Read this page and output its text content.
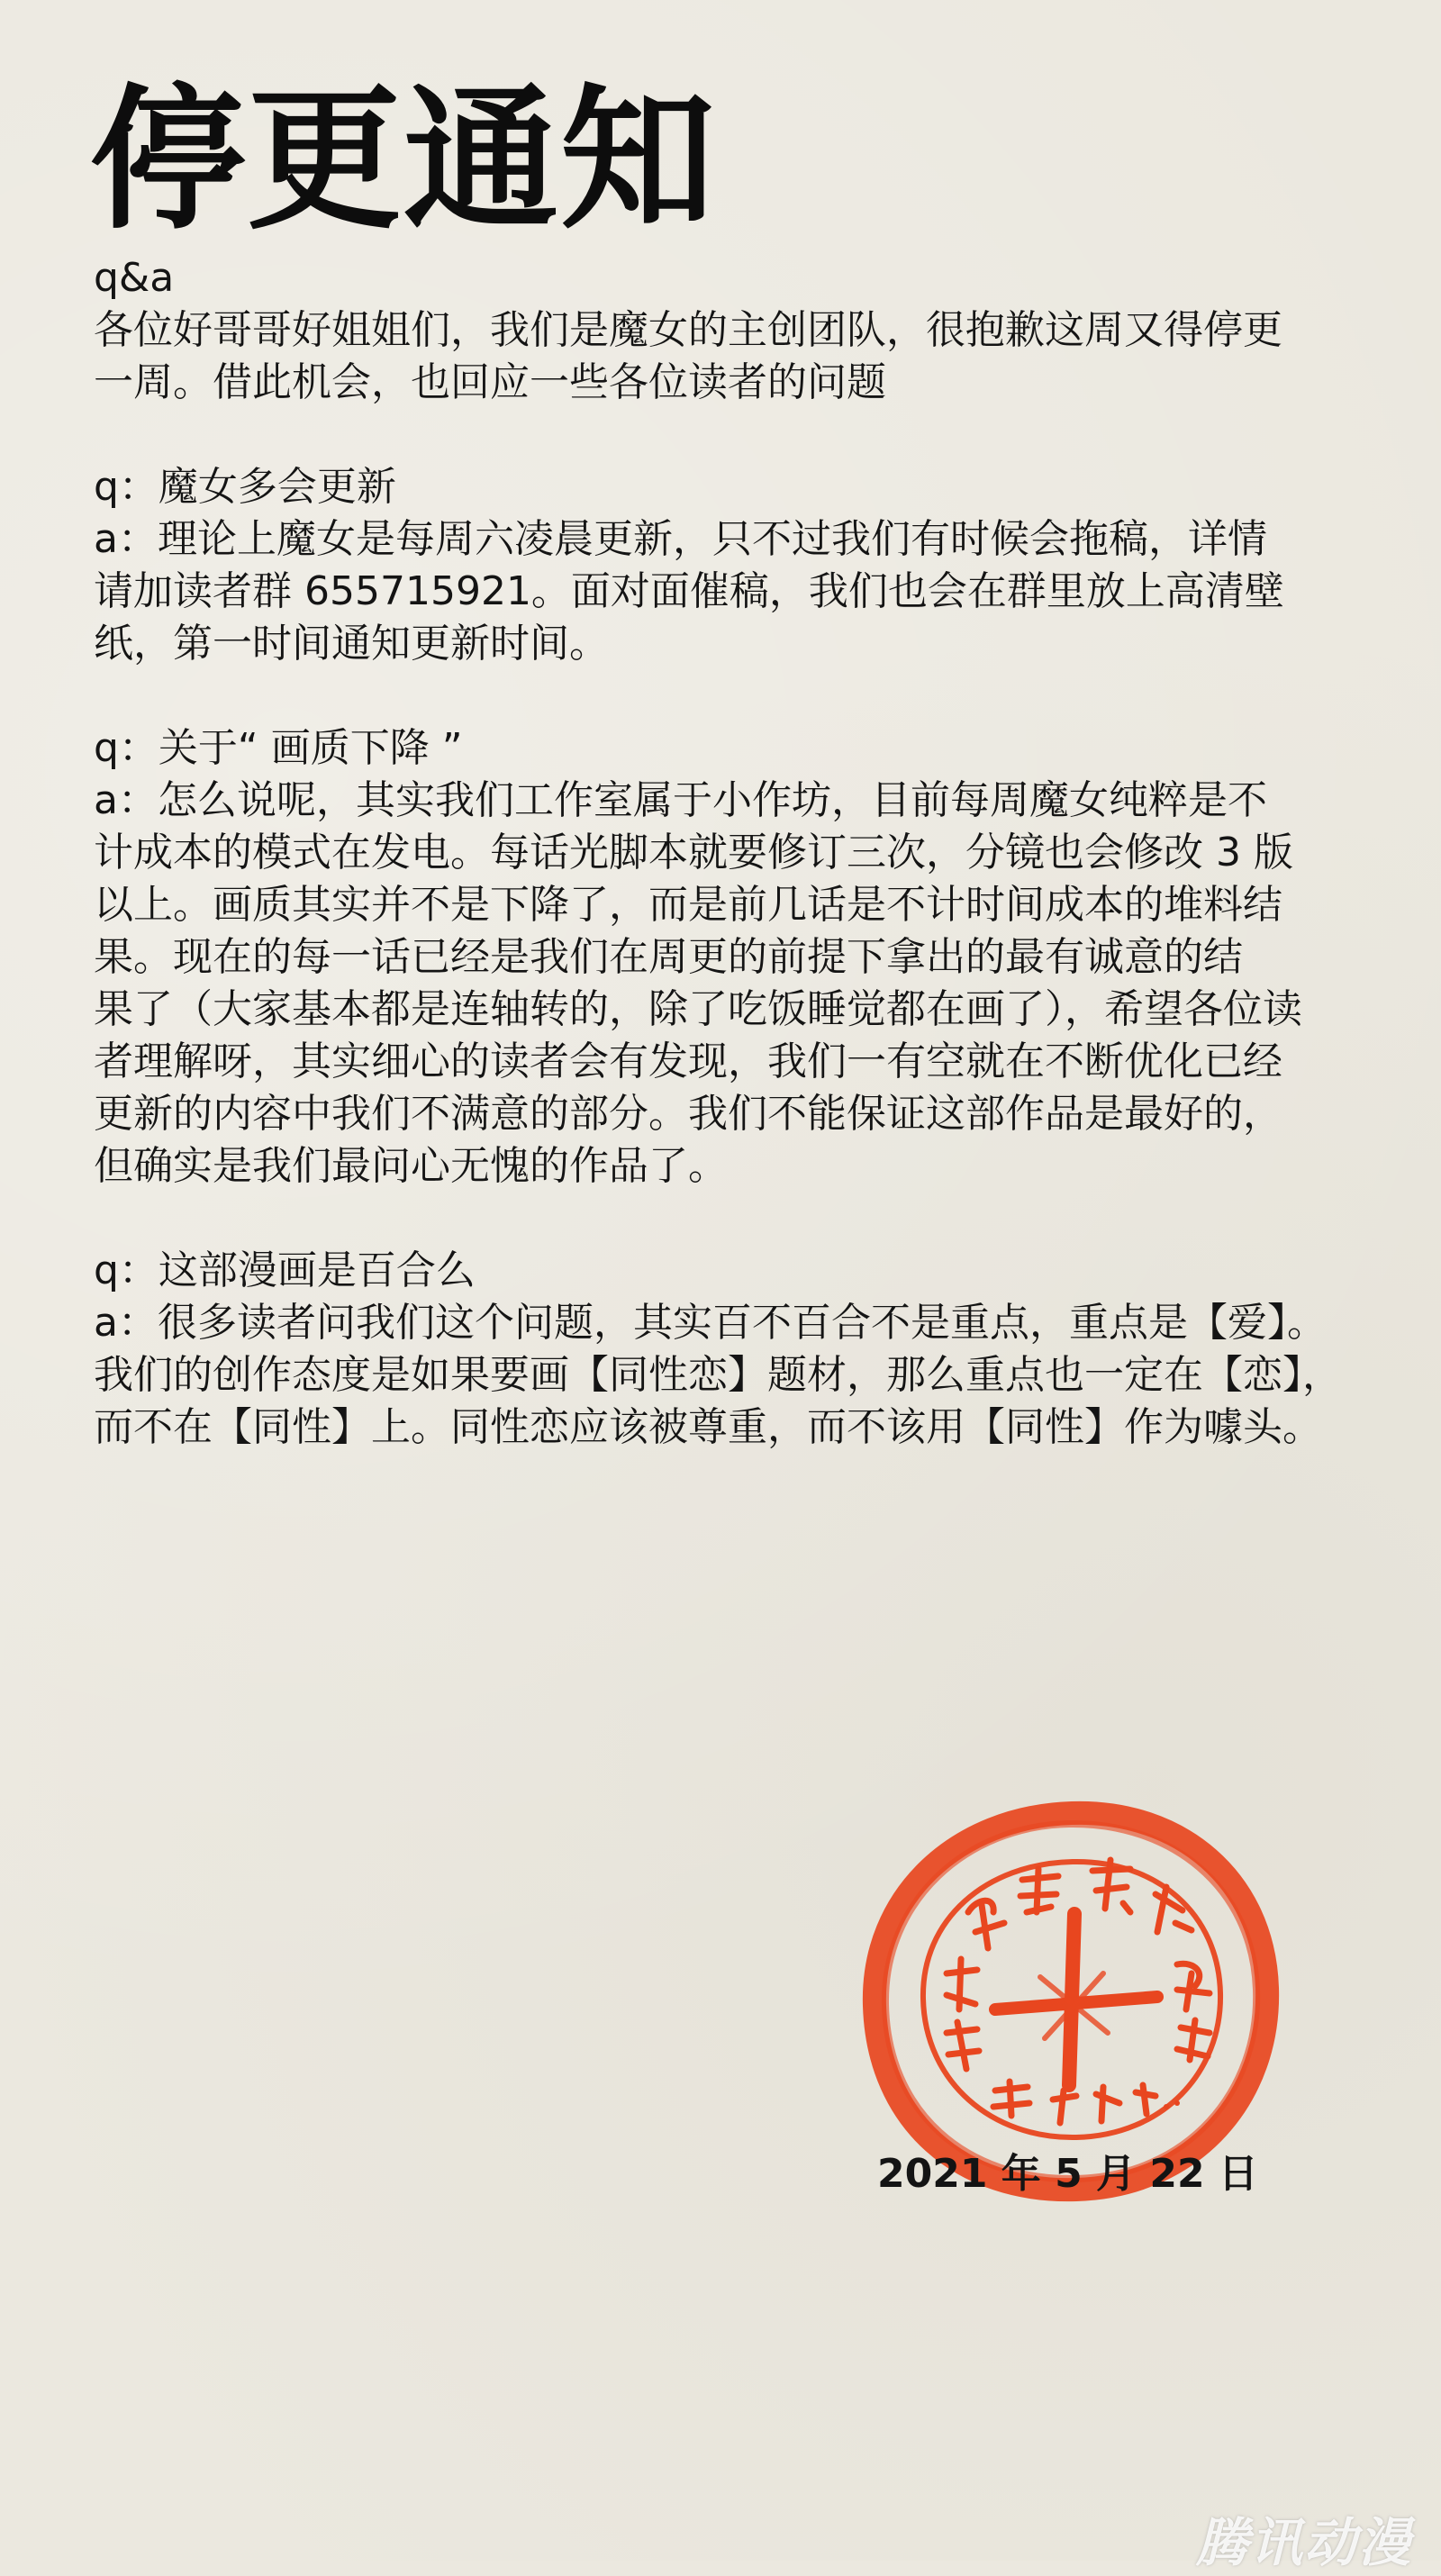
停更通知

q&a

各位好哥哥好姐姐们，我们是魔女的主创团队，很抱歉这周又得停更
一周。借此机会，也回应一些各位读者的问题
q：魔女多会更新
a：理论上魔女是每周六凌晨更新，只不过我们有时候会拖稿，详情
请加读者群 655715921。面对面催稿，我们也会在群里放上高清壁
纸，第一时间通知更新时间。
q：关于“ 画质下降 ”
a：怎么说呢，其实我们工作室属于小作坊，目前每周魔女纯粹是不
计成本的模式在发电。每话光脚本就要修订三次，分镜也会修改 3 版
以上。画质其实并不是下降了，而是前几话是不计时间成本的堆料结
果。现在的每一话已经是我们在周更的前提下拿出的最有诚意的结
果了（大家基本都是连轴转的，除了吃饭睡觉都在画了），希望各位读
者理解呀，其实细心的读者会有发现，我们一有空就在不断优化已经
更新的内容中我们不满意的部分。我们不能保证这部作品是最好的，
但确实是我们最问心无愧的作品了。
q：这部漫画是百合么
a：很多读者问我们这个问题，其实百不百合不是重点，重点是【爱】。
我们的创作态度是如果要画【同性恋】题材，那么重点也一定在【恋】，
而不在【同性】上。同性恋应该被尊重，而不该用【同性】作为噱头。
2021 年 5 月 22 日
腾讯动漫
